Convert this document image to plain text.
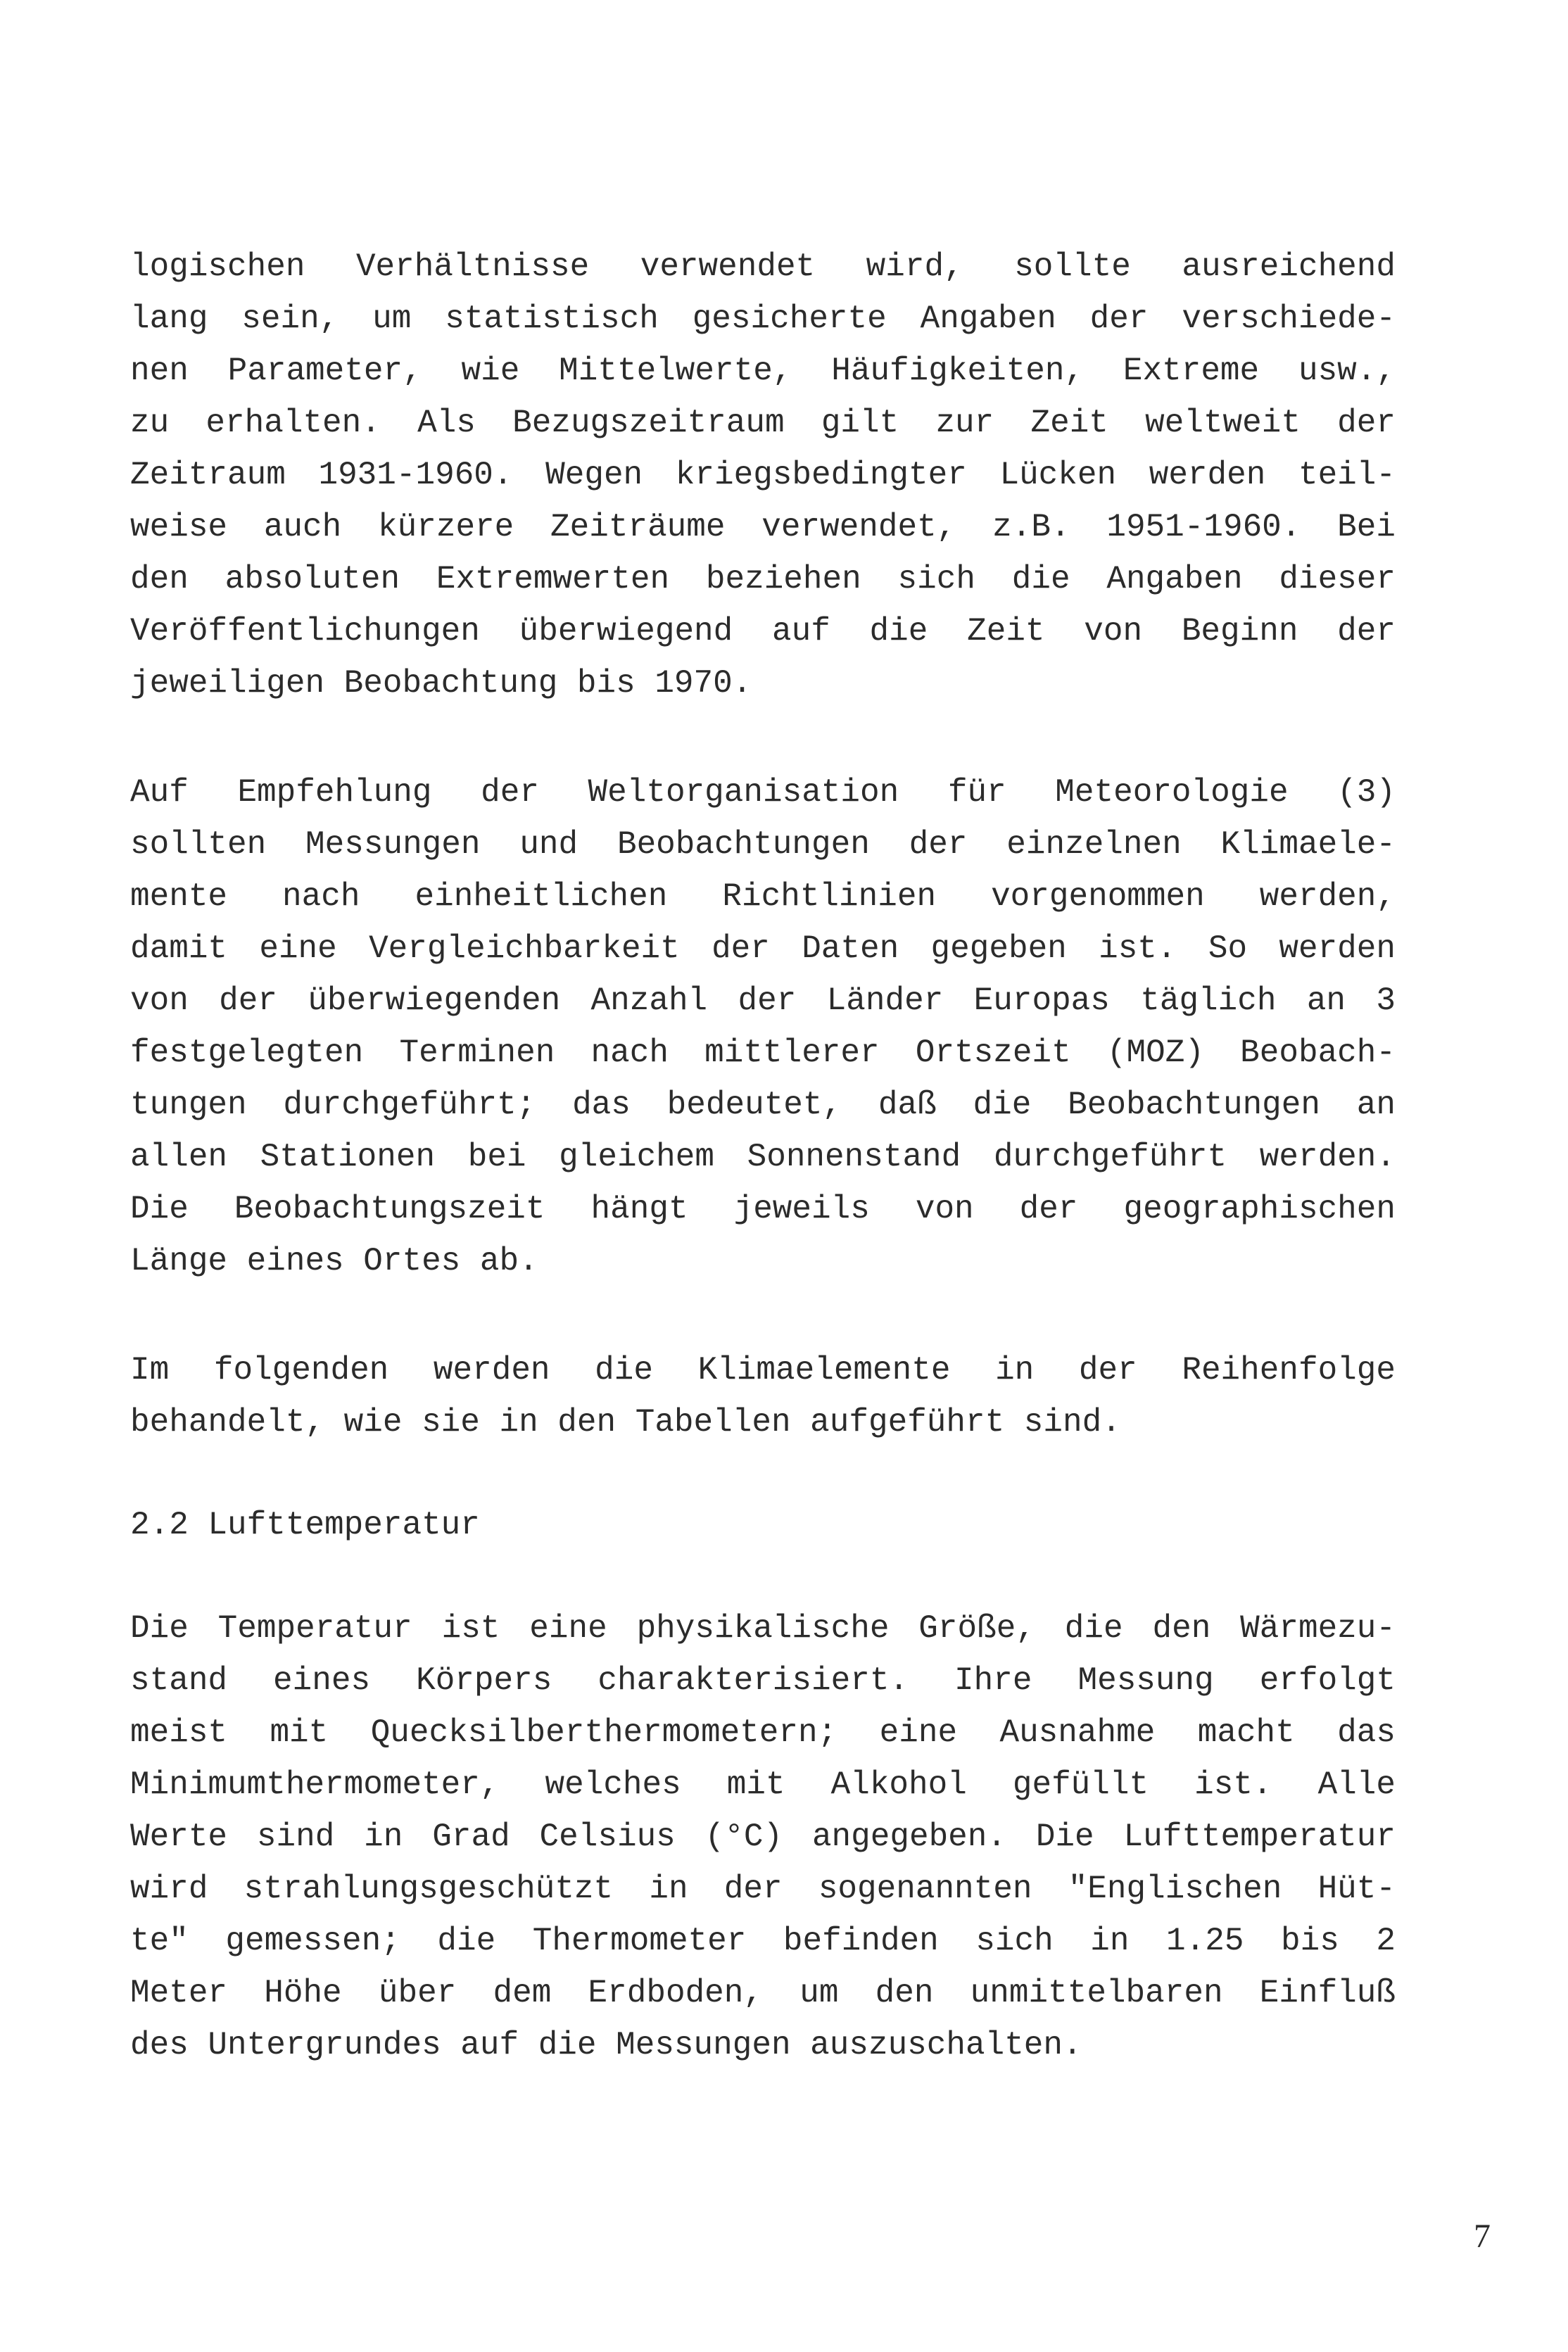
logischen Verhältnisse verwendet wird, sollte ausreichend
lang sein, um statistisch gesicherte Angaben der verschiede-
nen Parameter, wie Mittelwerte, Häufigkeiten, Extreme usw.,
zu erhalten. Als Bezugszeitraum gilt zur Zeit weltweit der
Zeitraum 1931-1960. Wegen kriegsbedingter Lücken werden teil-
weise auch kürzere Zeiträume verwendet, z.B. 1951-1960. Bei
den absoluten Extremwerten beziehen sich die Angaben dieser
Veröffentlichungen überwiegend auf die Zeit von Beginn der
jeweiligen Beobachtung bis 1970.
Auf Empfehlung der Weltorganisation für Meteorologie (3)
sollten Messungen und Beobachtungen der einzelnen Klimaele-
mente nach einheitlichen Richtlinien vorgenommen werden,
damit eine Vergleichbarkeit der Daten gegeben ist. So werden
von der überwiegenden Anzahl der Länder Europas täglich an 3
festgelegten Terminen nach mittlerer Ortszeit (MOZ) Beobach-
tungen durchgeführt; das bedeutet, daß die Beobachtungen an
allen Stationen bei gleichem Sonnenstand durchgeführt werden.
Die Beobachtungszeit hängt jeweils von der geographischen
Länge eines Ortes ab.
Im folgenden werden die Klimaelemente in der Reihenfolge
behandelt, wie sie in den Tabellen aufgeführt sind.
2.2 Lufttemperatur
Die Temperatur ist eine physikalische Größe, die den Wärmezu-
stand eines Körpers charakterisiert. Ihre Messung erfolgt
meist mit Quecksilberthermometern; eine Ausnahme macht das
Minimumthermometer, welches mit Alkohol gefüllt ist. Alle
Werte sind in Grad Celsius (°C) angegeben. Die Lufttemperatur
wird strahlungsgeschützt in der sogenannten "Englischen Hüt-
te" gemessen; die Thermometer befinden sich in 1.25 bis 2
Meter Höhe über dem Erdboden, um den unmittelbaren Einfluß
des Untergrundes auf die Messungen auszuschalten.
7
